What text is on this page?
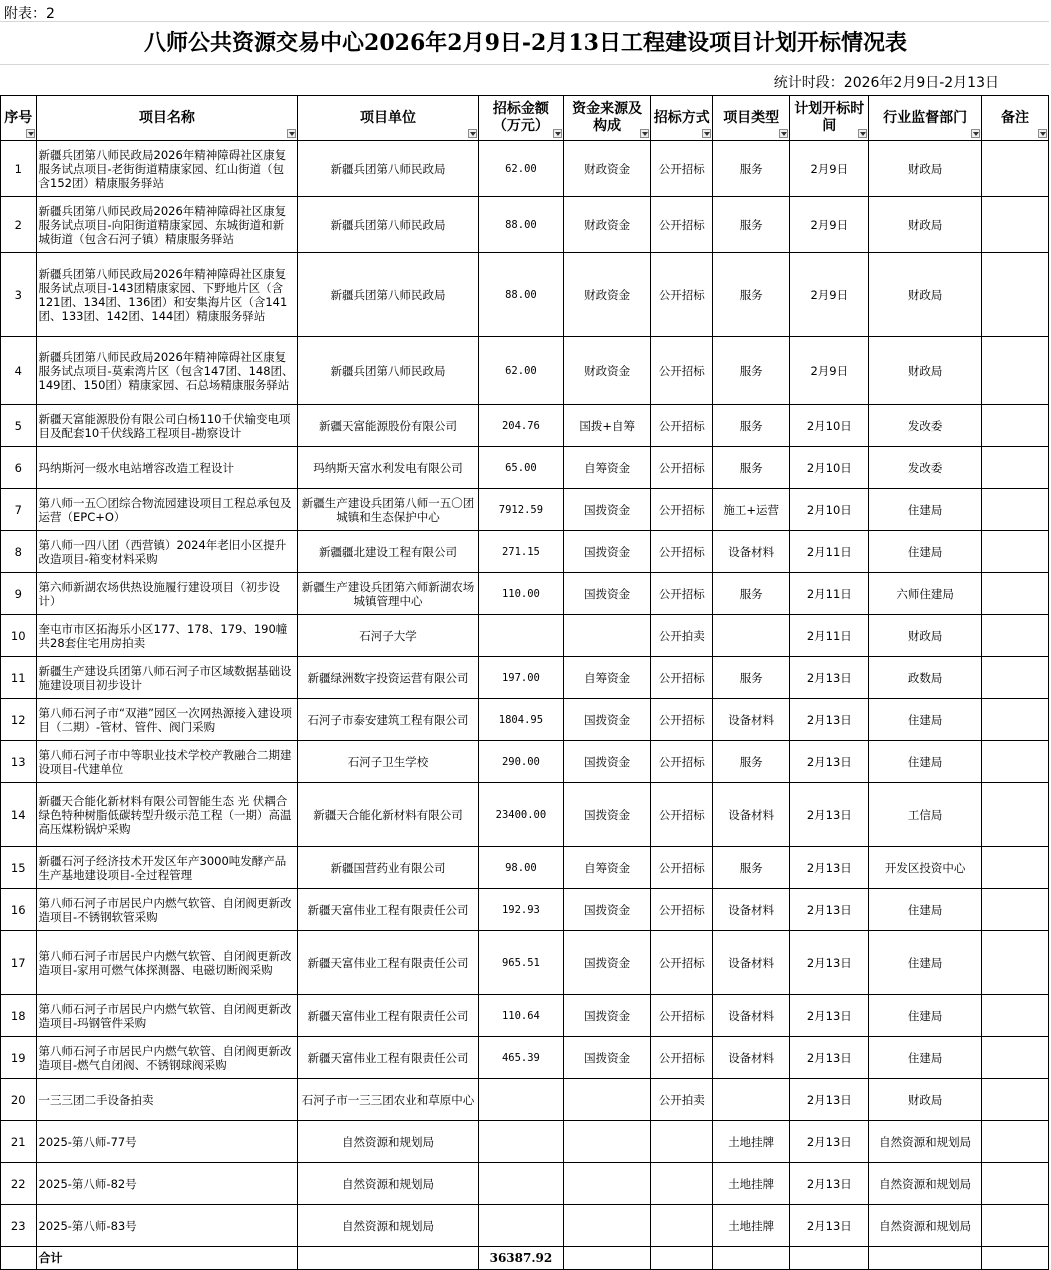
附表：2
八师公共资源交易中心2026年2月9日-2月13日工程建设项目计划开标情况表
统计时段：2026年2月9日-2月13日
序号	项目名称	项目单位	招标金额（万元）	资金来源及构成	招标方式	项目类型	计划开标时间	行业监督部门	备注

1	新疆兵团第八师民政局2026年精神障碍社区康复服务试点项目-老街街道精康家园、红山街道（包含152团）精康服务驿站	新疆兵团第八师民政局	62.00	财政资金	公开招标	服务	2月9日	财政局	
2	新疆兵团第八师民政局2026年精神障碍社区康复服务试点项目-向阳街道精康家园、东城街道和新城街道（包含石河子镇）精康服务驿站	新疆兵团第八师民政局	88.00	财政资金	公开招标	服务	2月9日	财政局	
3	新疆兵团第八师民政局2026年精神障碍社区康复服务试点项目-143团精康家园、下野地片区（含121团、134团、136团）和安集海片区（含141团、133团、142团、144团）精康服务驿站	新疆兵团第八师民政局	88.00	财政资金	公开招标	服务	2月9日	财政局	
4	新疆兵团第八师民政局2026年精神障碍社区康复服务试点项目-莫索湾片区（包含147团、148团、149团、150团）精康家园、石总场精康服务驿站	新疆兵团第八师民政局	62.00	财政资金	公开招标	服务	2月9日	财政局	
5	新疆天富能源股份有限公司白杨110千伏输变电项目及配套10千伏线路工程项目-勘察设计	新疆天富能源股份有限公司	204.76	国拨+自筹	公开招标	服务	2月10日	发改委	
6	玛纳斯河一级水电站增容改造工程设计	玛纳斯天富水利发电有限公司	65.00	自筹资金	公开招标	服务	2月10日	发改委	
7	第八师一五〇团综合物流园建设项目工程总承包及运营（EPC+O）	新疆生产建设兵团第八师一五〇团城镇和生态保护中心	7912.59	国拨资金	公开招标	施工+运营	2月10日	住建局	
8	第八师一四八团（西营镇）2024年老旧小区提升改造项目-箱变材料采购	新疆疆北建设工程有限公司	271.15	国拨资金	公开招标	设备材料	2月11日	住建局	
9	第六师新湖农场供热设施履行建设项目（初步设计）	新疆生产建设兵团第六师新湖农场城镇管理中心	110.00	国拨资金	公开招标	服务	2月11日	六师住建局	
10	奎屯市市区拓海乐小区177、178、179、190幢共28套住宅用房拍卖	石河子大学			公开拍卖		2月11日	财政局	
11	新疆生产建设兵团第八师石河子市区域数据基础设施建设项目初步设计	新疆绿洲数字投资运营有限公司	197.00	自筹资金	公开招标	服务	2月13日	政数局	
12	第八师石河子市“双港”园区一次网热源接入建设项目（二期）-管材、管件、阀门采购	石河子市泰安建筑工程有限公司	1804.95	国拨资金	公开招标	设备材料	2月13日	住建局	
13	第八师石河子市中等职业技术学校产教融合二期建设项目-代建单位	石河子卫生学校	290.00	国拨资金	公开招标	服务	2月13日	住建局	
14	新疆天合能化新材料有限公司智能生态 光 伏耦合绿色特种树脂低碳转型升级示范工程（一期）高温高压煤粉锅炉采购	新疆天合能化新材料有限公司	23400.00	国拨资金	公开招标	设备材料	2月13日	工信局	
15	新疆石河子经济技术开发区年产3000吨发酵产品生产基地建设项目-全过程管理	新疆国营药业有限公司	98.00	自筹资金	公开招标	服务	2月13日	开发区投资中心	
16	第八师石河子市居民户内燃气软管、自闭阀更新改造项目-不锈钢软管采购	新疆天富伟业工程有限责任公司	192.93	国拨资金	公开招标	设备材料	2月13日	住建局	
17	第八师石河子市居民户内燃气软管、自闭阀更新改造项目-家用可燃气体探测器、电磁切断阀采购	新疆天富伟业工程有限责任公司	965.51	国拨资金	公开招标	设备材料	2月13日	住建局	
18	第八师石河子市居民户内燃气软管、自闭阀更新改造项目-玛钢管件采购	新疆天富伟业工程有限责任公司	110.64	国拨资金	公开招标	设备材料	2月13日	住建局	
19	第八师石河子市居民户内燃气软管、自闭阀更新改造项目-燃气自闭阀、不锈钢球阀采购	新疆天富伟业工程有限责任公司	465.39	国拨资金	公开招标	设备材料	2月13日	住建局	
20	一三三团二手设备拍卖	石河子市一三三团农业和草原中心			公开拍卖		2月13日	财政局	
21	2025-第八师-77号	自然资源和规划局				土地挂牌	2月13日	自然资源和规划局	
22	2025-第八师-82号	自然资源和规划局				土地挂牌	2月13日	自然资源和规划局	
23	2025-第八师-83号	自然资源和规划局				土地挂牌	2月13日	自然资源和规划局	
	合计		36387.92						
